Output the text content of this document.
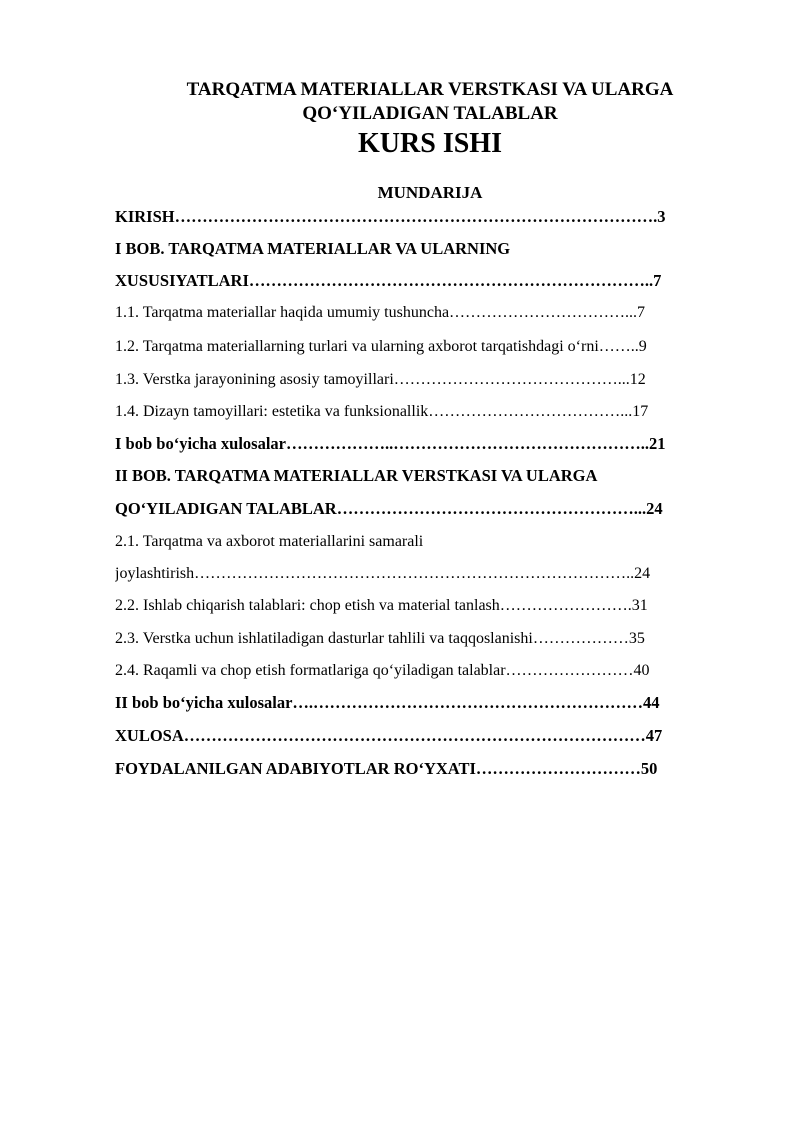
TARQATMA MATERIALLAR VERSTKASI VA ULARGA
QO‘YILADIGAN TALABLAR
KURS ISHI
MUNDARIJA

KIRISH…………………………………………………………………………….3

I BOB. TARQATMA MATERIALLAR VA ULARNING

XUSUSIYATLARI………………………………………………………………..7

1.1. Tarqatma materiallar haqida umumiy tushuncha……………………………...7

1.2. Tarqatma materiallarning turlari va ularning axborot tarqatishdagi o‘rni……..9

1.3. Verstka jarayonining asosiy tamoyillari……………………………………...12

1.4. Dizayn tamoyillari: estetika va funksionallik………………………………...17

I bob bo‘yicha xulosalar………………..………………………………………..21

II BOB. TARQATMA MATERIALLAR VERSTKASI VA ULARGA

QO‘YILADIGAN TALABLAR………………………………………………...24

2.1. Tarqatma va axborot materiallarini samarali

joylashtirish………………………………………………………………………..24

2.2. Ishlab chiqarish talablari: chop etish va material tanlash…………………….31

2.3. Verstka uchun ishlatiladigan dasturlar tahlili va taqqoslanishi………………35

2.4. Raqamli va chop etish formatlariga qo‘yiladigan talablar……………………40

II bob bo‘yicha xulosalar….……………………………………………………44

XULOSA…………………………………………………………………………47

FOYDALANILGAN ADABIYOTLAR RO‘YXATI…………………………50
